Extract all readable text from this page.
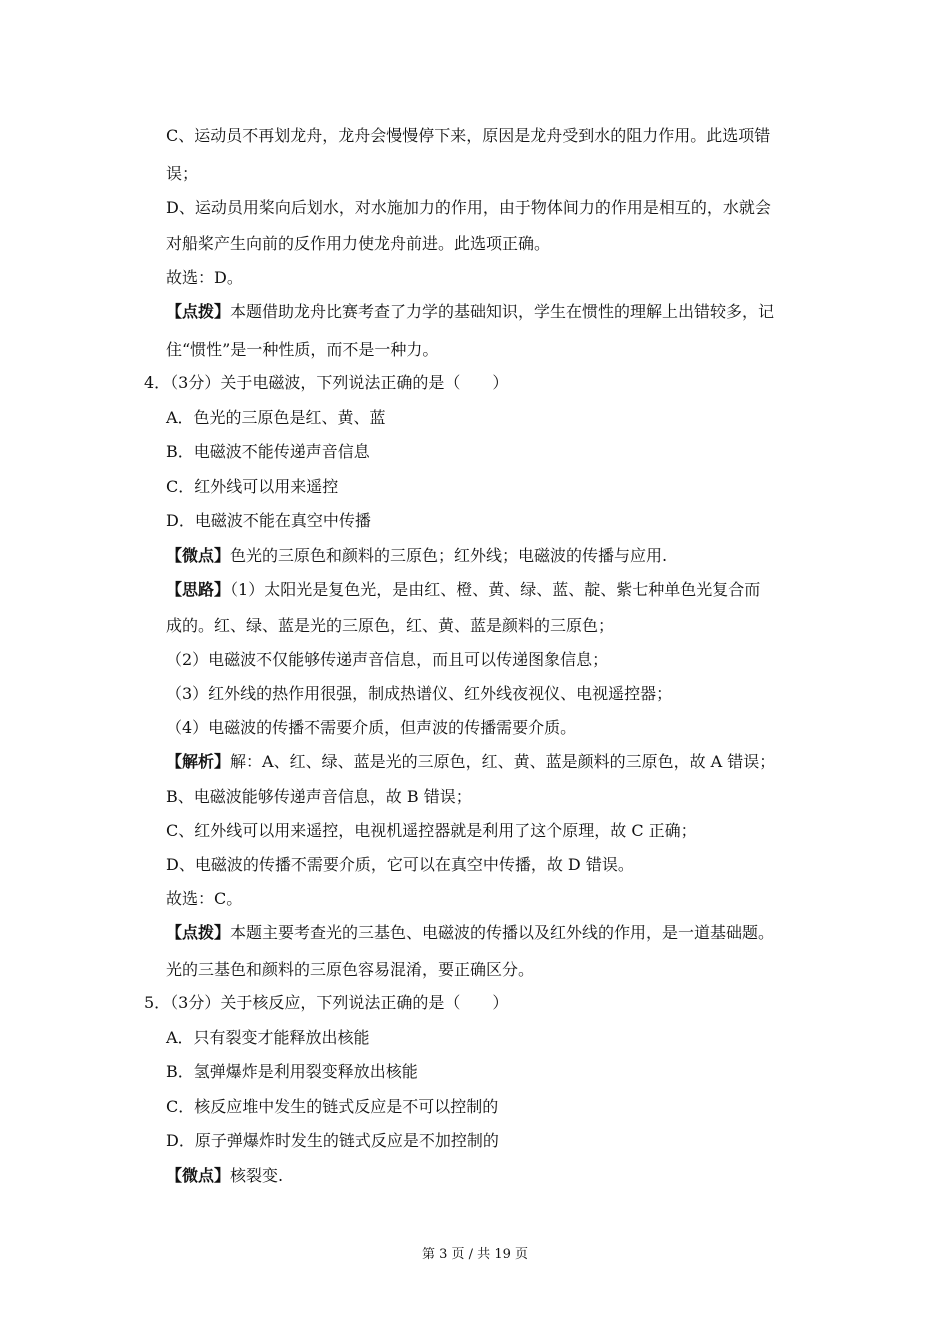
C、运动员不再划龙舟，龙舟会慢慢停下来，原因是龙舟受到水的阻力作用。此选项错

误；

D、运动员用桨向后划水，对水施加力的作用，由于物体间力的作用是相互的，水就会

对船桨产生向前的反作用力使龙舟前进。此选项正确。

故选：D。

【点拨】本题借助龙舟比赛考查了力学的基础知识，学生在惯性的理解上出错较多，记

住“惯性”是一种性质，而不是一种力。

4．（3分）关于电磁波，下列说法正确的是（　　）

A．色光的三原色是红、黄、蓝

B．电磁波不能传递声音信息

C．红外线可以用来遥控

D．电磁波不能在真空中传播

【微点】色光的三原色和颜料的三原色；红外线；电磁波的传播与应用.

【思路】（1）太阳光是复色光，是由红、橙、黄、绿、蓝、靛、紫七种单色光复合而

成的。红、绿、蓝是光的三原色，红、黄、蓝是颜料的三原色；

（2）电磁波不仅能够传递声音信息，而且可以传递图象信息；

（3）红外线的热作用很强，制成热谱仪、红外线夜视仪、电视遥控器；

（4）电磁波的传播不需要介质，但声波的传播需要介质。

【解析】解：A、红、绿、蓝是光的三原色，红、黄、蓝是颜料的三原色，故 A 错误；

B、电磁波能够传递声音信息，故 B 错误；

C、红外线可以用来遥控，电视机遥控器就是利用了这个原理，故 C 正确；

D、电磁波的传播不需要介质，它可以在真空中传播，故 D 错误。

故选：C。

【点拨】本题主要考查光的三基色、电磁波的传播以及红外线的作用，是一道基础题。

光的三基色和颜料的三原色容易混淆，要正确区分。

5．（3分）关于核反应，下列说法正确的是（　　）

A．只有裂变才能释放出核能

B．氢弹爆炸是利用裂变释放出核能

C．核反应堆中发生的链式反应是不可以控制的

D．原子弹爆炸时发生的链式反应是不加控制的

【微点】核裂变.

第 3 页 / 共 19 页
